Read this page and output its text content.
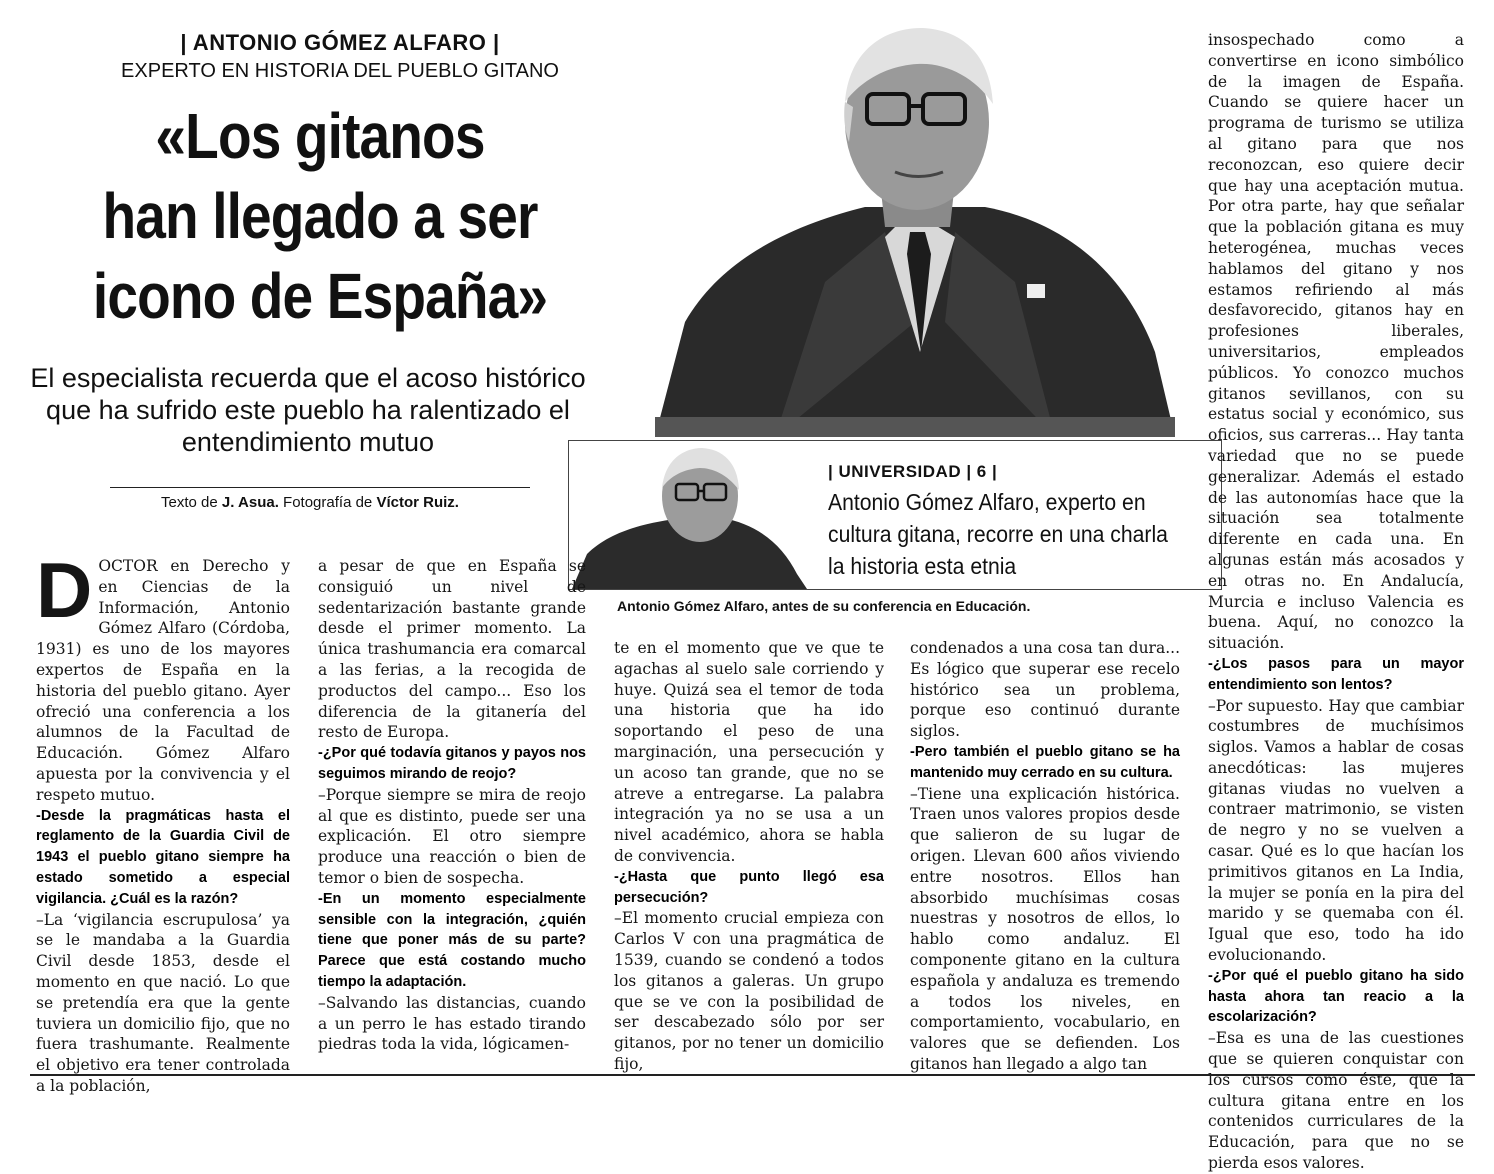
| ANTONIO GÓMEZ ALFARO |
EXPERTO EN HISTORIA DEL PUEBLO GITANO
«Los gitanos
han llegado a ser
icono de España»
El especialista recuerda que el acoso histórico que ha sufrido este pueblo ha ralentizado el entendimiento mutuo
Texto de J. Asua. Fotografía de Víctor Ruiz.
| UNIVERSIDAD | 6 |
Antonio Gómez Alfaro, experto en cultura gitana, recorre en una charla la historia esta etnia
Antonio Gómez Alfaro, antes de su conferencia en Educación.

DOCTOR en Derecho y en Ciencias de la Información, Antonio Gómez Alfaro (Córdoba, 1931) es uno de los mayores expertos de España en la historia del pueblo gitano. Ayer ofreció una conferencia a los alumnos de la Facultad de Educación. Gómez Alfaro apuesta por la convivencia y el respeto mutuo.

-Desde la pragmáticas hasta el reglamento de la Guardia Civil de 1943 el pueblo gitano siempre ha estado sometido a especial vigilancia. ¿Cuál es la razón?

–La ‘vigilancia escrupulosa’ ya se le mandaba a la Guardia Civil desde 1853, desde el momento en que nació. Lo que se pretendía era que la gente tuviera un domicilio fijo, que no fuera trashumante. Realmente el objetivo era tener controlada a la población,

a pesar de que en España se consiguió un nivel de sedentarización bastante grande desde el primer momento. La única trashumancia era comarcal a las ferias, a la recogida de productos del campo... Eso los diferencia de la gitanería del resto de Europa.

-¿Por qué todavía gitanos y payos nos seguimos mirando de reojo?

–Porque siempre se mira de reojo al que es distinto, puede ser una explicación. El otro siempre produce una reacción o bien de temor o bien de sospecha.

-En un momento especialmente sensible con la integración, ¿quién tiene que poner más de su parte? Parece que está costando mucho tiempo la adaptación.

–Salvando las distancias, cuando a un perro le has estado tirando piedras toda la vida, lógicamen-

te en el momento que ve que te agachas al suelo sale corriendo y huye. Quizá sea el temor de toda una historia que ha ido soportando el peso de una marginación, una persecución y un acoso tan grande, que no se atreve a entregarse. La palabra integración ya no se usa a un nivel académico, ahora se habla de convivencia.

-¿Hasta que punto llegó esa persecución?

–El momento crucial empieza con Carlos V con una pragmática de 1539, cuando se condenó a todos los gitanos a galeras. Un grupo que se ve con la posibilidad de ser descabezado sólo por ser gitanos, por no tener un domicilio fijo,

condenados a una cosa tan dura... Es lógico que superar ese recelo histórico sea un problema, porque eso continuó durante siglos.

-Pero también el pueblo gitano se ha mantenido muy cerrado en su cultura.

–Tiene una explicación histórica. Traen unos valores propios desde que salieron de su lugar de origen. Llevan 600 años viviendo entre nosotros. Ellos han absorbido muchísimas cosas nuestras y nosotros de ellos, lo hablo como andaluz. El componente gitano en la cultura española y andaluza es tremendo a todos los niveles, en comportamiento, vocabulario, en valores que se defienden. Los gitanos han llegado a algo tan

insospechado como a convertirse en icono simbólico de la imagen de España. Cuando se quiere hacer un programa de turismo se utiliza al gitano para que nos reconozcan, eso quiere decir que hay una aceptación mutua. Por otra parte, hay que señalar que la población gitana es muy heterogénea, muchas veces hablamos del gitano y nos estamos refiriendo al más desfavorecido, gitanos hay en profesiones liberales, universitarios, empleados públicos. Yo conozco muchos gitanos sevillanos, con su estatus social y económico, sus oficios, sus carreras... Hay tanta variedad que no se puede generalizar. Además el estado de las autonomías hace que la situación sea totalmente diferente en cada una. En algunas están más acosados y en otras no. En Andalucía, Murcia e incluso Valencia es buena. Aquí, no conozco la situación.

-¿Los pasos para un mayor entendimiento son lentos?

–Por supuesto. Hay que cambiar costumbres de muchísimos siglos. Vamos a hablar de cosas anecdóticas: las mujeres gitanas viudas no vuelven a contraer matrimonio, se visten de negro y no se vuelven a casar. Qué es lo que hacían los primitivos gitanos en La India, la mujer se ponía en la pira del marido y se quemaba con él. Igual que eso, todo ha ido evolucionando.

-¿Por qué el pueblo gitano ha sido hasta ahora tan reacio a la escolarización?

–Esa es una de las cuestiones que se quieren conquistar con los cursos como éste, que la cultura gitana entre en los contenidos curriculares de la Educación, para que no se pierda esos valores.
